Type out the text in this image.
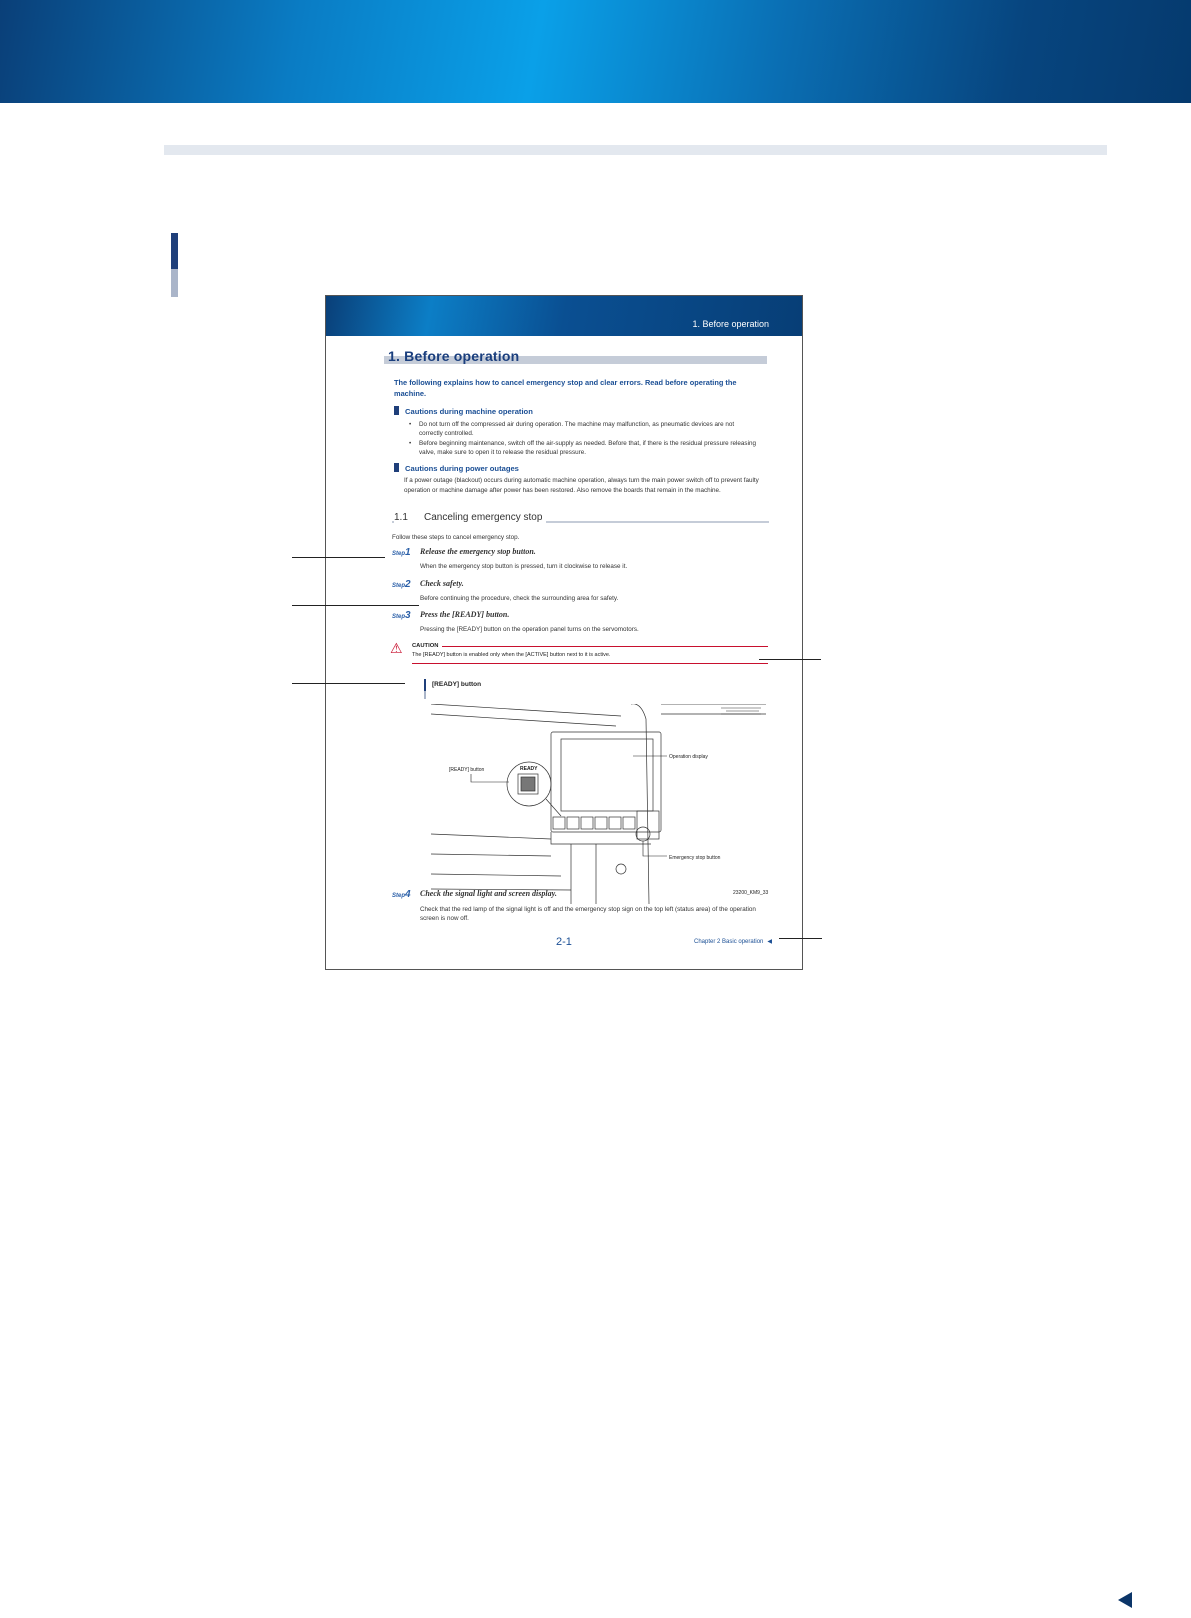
1. Before operation
1. Before operation
The following explains how to cancel emergency stop and clear errors. Read before operating the machine.
Cautions during machine operation
• Do not turn off the compressed air during operation. The machine may malfunction, as pneumatic devices are not correctly controlled.
• Before beginning maintenance, switch off the air-supply as needed. Before that, if there is the residual pressure releasing valve, make sure to open it to release the residual pressure.
Cautions during power outages
If a power outage (blackout) occurs during automatic machine operation, always turn the main power switch off to prevent faulty operation or machine damage after power has been restored. Also remove the boards that remain in the machine.
1.1 Canceling emergency stop
Follow these steps to cancel emergency stop.
Step1 Release the emergency stop button.
When the emergency stop button is pressed, turn it clockwise to release it.
Step2 Check safety.
Before continuing the procedure, check the surrounding area for safety.
Step3 Press the [READY] button.
Pressing the [READY] button on the operation panel turns on the servomotors.
⚠ CAUTION
The [READY] button is enabled only when the [ACTIVE] button next to it is active.
[READY] button
READY
[READY] button
Operation display
Emergency stop button
23200_KM9_33
Step4 Check the signal light and screen display.
Check that the red lamp of the signal light is off and the emergency stop sign on the top left (status area) of the operation screen is now off.
2-1	Chapter 2 Basic operation ◀
